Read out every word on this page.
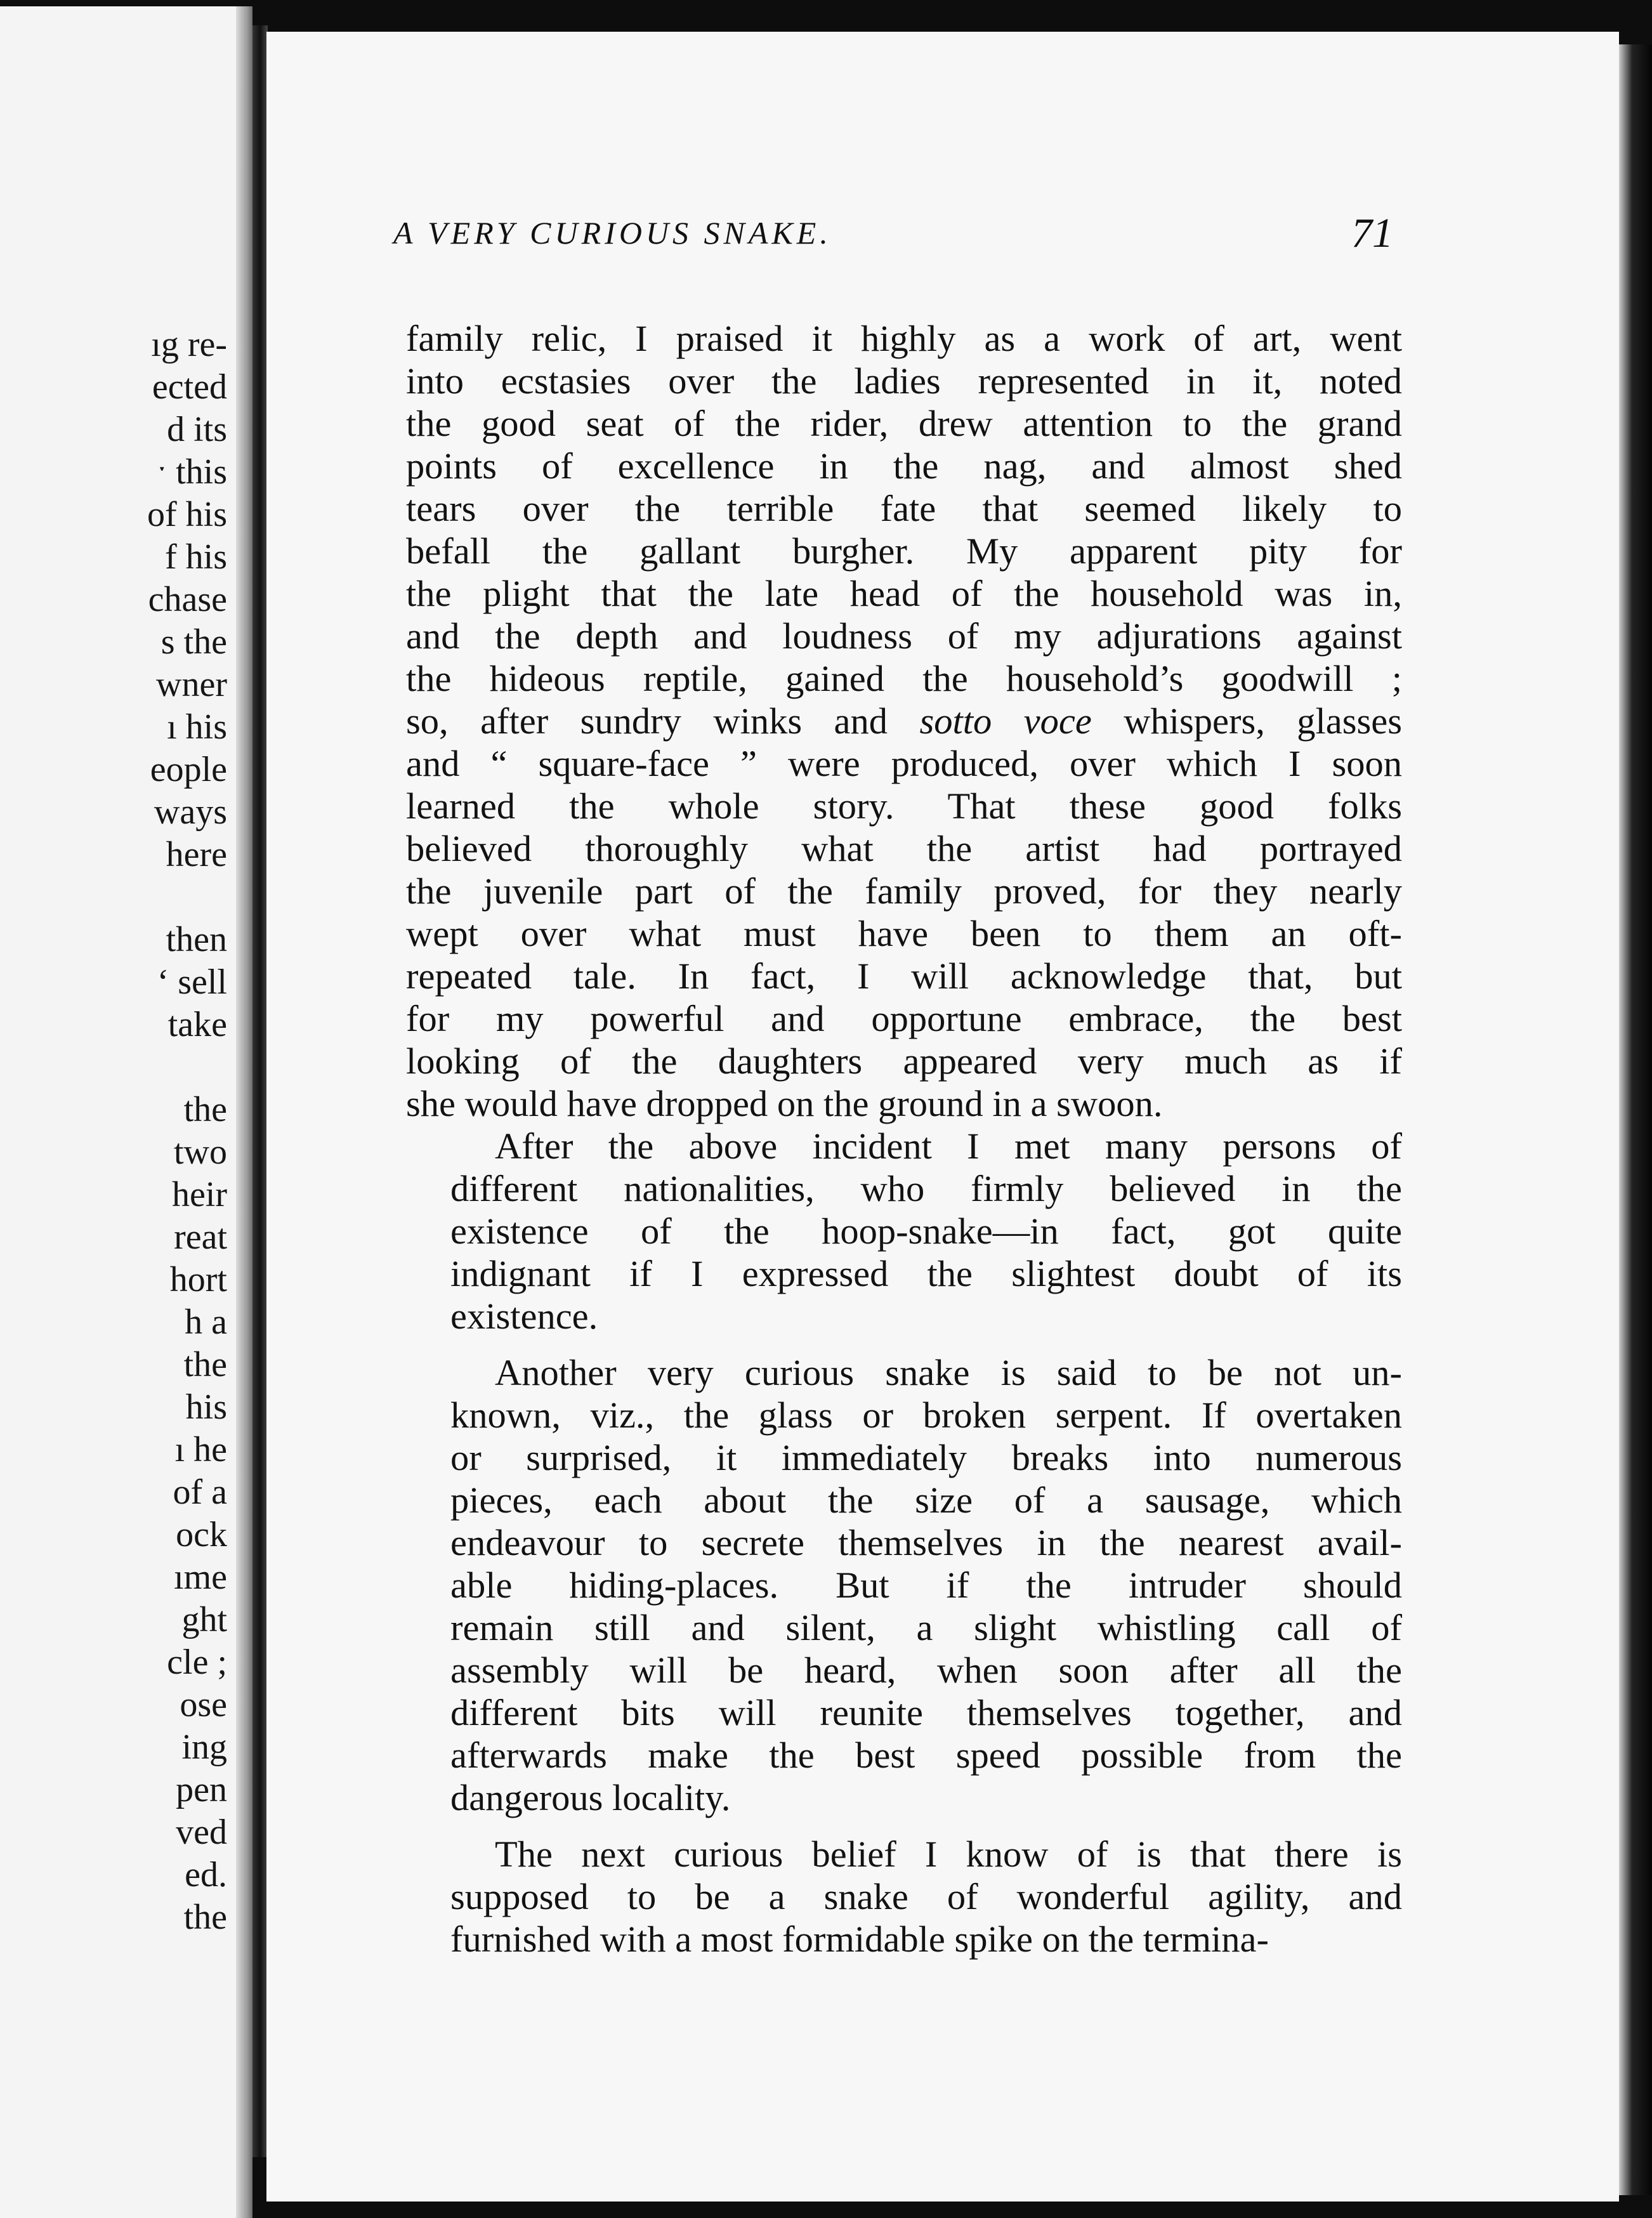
ıg re-
ected
d its
ˑ this
of his
f his
chase
s the
wner
ı his
eople
ways
here
then
‘ sell
take
the
two
heir
reat
hort
h a
the
his
ı he
of a
ock
ıme
ght
cle ;
ose
ing
pen
ved
ed.
the
A VERY CURIOUS SNAKE.	71
family relic, I praised it highly as a work of art, went
into ecstasies over the ladies represented in it, noted
the good seat of the rider, drew attention to the grand
points of excellence in the nag, and almost shed
tears over the terrible fate that seemed likely to
befall the gallant burgher. My apparent pity for
the plight that the late head of the household was in,
and the depth and loudness of my adjurations against
the hideous reptile, gained the household’s goodwill ;
so, after sundry winks and sotto voce whispers, glasses
and “ square-face ” were produced, over which I soon
learned the whole story. That these good folks
believed thoroughly what the artist had portrayed
the juvenile part of the family proved, for they nearly
wept over what must have been to them an oft-
repeated tale. In fact, I will acknowledge that, but
for my powerful and opportune embrace, the best
looking of the daughters appeared very much as if
she would have dropped on the ground in a swoon.
After the above incident I met many persons of
different nationalities, who firmly believed in the
existence of the hoop-snake—in fact, got quite
indignant if I expressed the slightest doubt of its
existence.
Another very curious snake is said to be not un-
known, viz., the glass or broken serpent. If overtaken
or surprised, it immediately breaks into numerous
pieces, each about the size of a sausage, which
endeavour to secrete themselves in the nearest avail-
able hiding-places. But if the intruder should
remain still and silent, a slight whistling call of
assembly will be heard, when soon after all the
different bits will reunite themselves together, and
afterwards make the best speed possible from the
dangerous locality.
The next curious belief I know of is that there is
supposed to be a snake of wonderful agility, and
furnished with a most formidable spike on the termina-
